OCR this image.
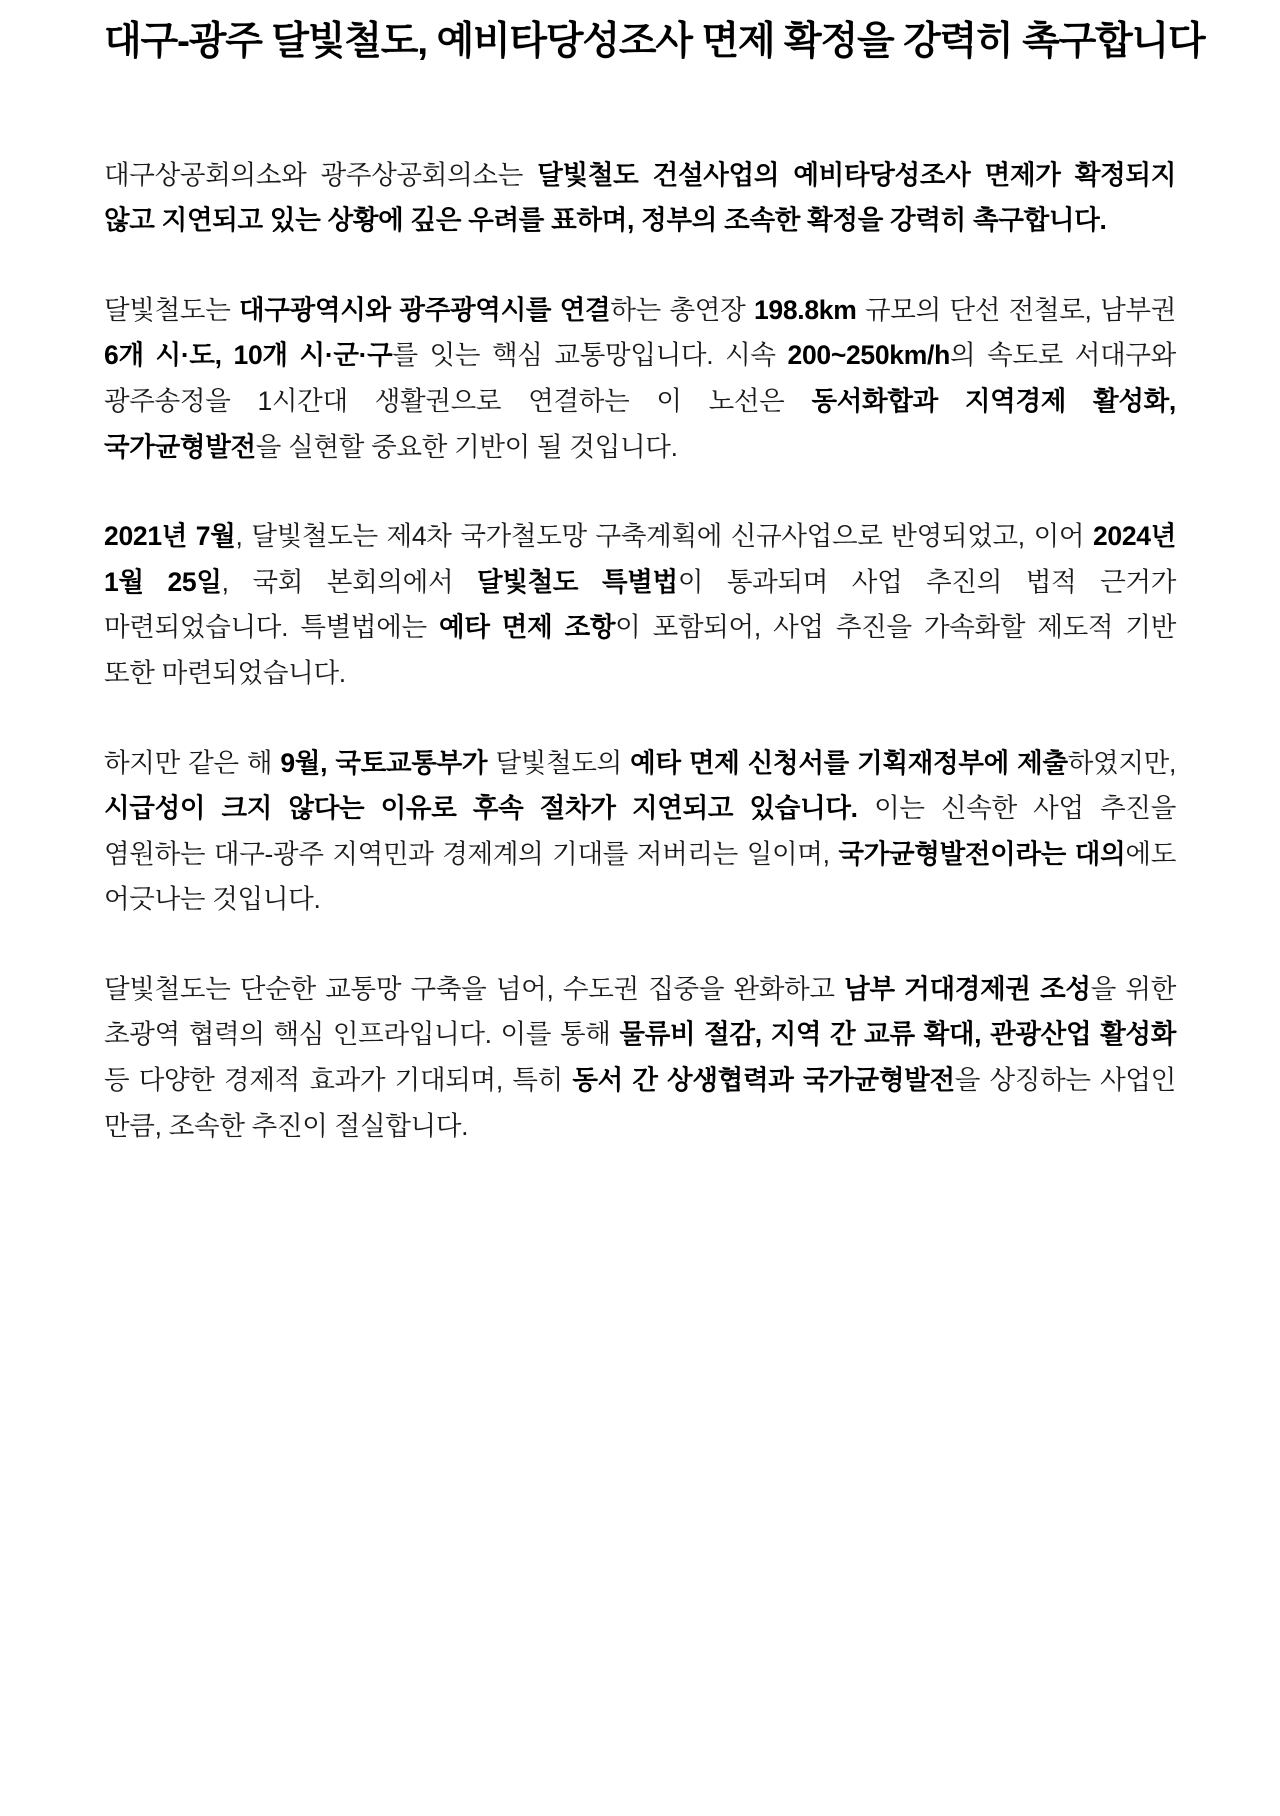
대구-광주 달빛철도, 예비타당성조사 면제 확정을 강력히 촉구합니다

대구상공회의소와 광주상공회의소는 달빛철도 건설사업의 예비타당성조사 면제가 확정되지 않고 지연되고 있는 상황에 깊은 우려를 표하며, 정부의 조속한 확정을 강력히 촉구합니다.

달빛철도는 대구광역시와 광주광역시를 연결하는 총연장 198.8km 규모의 단선 전철로, 남부권 6개 시·도, 10개 시·군·구를 잇는 핵심 교통망입니다. 시속 200~250km/h의 속도로 서대구와 광주송정을 1시간대 생활권으로 연결하는 이 노선은 동서화합과 지역경제 활성화, 국가균형발전을 실현할 중요한 기반이 될 것입니다.

2021년 7월, 달빛철도는 제4차 국가철도망 구축계획에 신규사업으로 반영되었고, 이어 2024년 1월 25일, 국회 본회의에서 달빛철도 특별법이 통과되며 사업 추진의 법적 근거가 마련되었습니다. 특별법에는 예타 면제 조항이 포함되어, 사업 추진을 가속화할 제도적 기반 또한 마련되었습니다.

하지만 같은 해 9월, 국토교통부가 달빛철도의 예타 면제 신청서를 기획재정부에 제출하였지만, 시급성이 크지 않다는 이유로 후속 절차가 지연되고 있습니다. 이는 신속한 사업 추진을 염원하는 대구-광주 지역민과 경제계의 기대를 저버리는 일이며, 국가균형발전이라는 대의에도 어긋나는 것입니다.

달빛철도는 단순한 교통망 구축을 넘어, 수도권 집중을 완화하고 남부 거대경제권 조성을 위한 초광역 협력의 핵심 인프라입니다. 이를 통해 물류비 절감, 지역 간 교류 확대, 관광산업 활성화 등 다양한 경제적 효과가 기대되며, 특히 동서 간 상생협력과 국가균형발전을 상징하는 사업인 만큼, 조속한 추진이 절실합니다.
